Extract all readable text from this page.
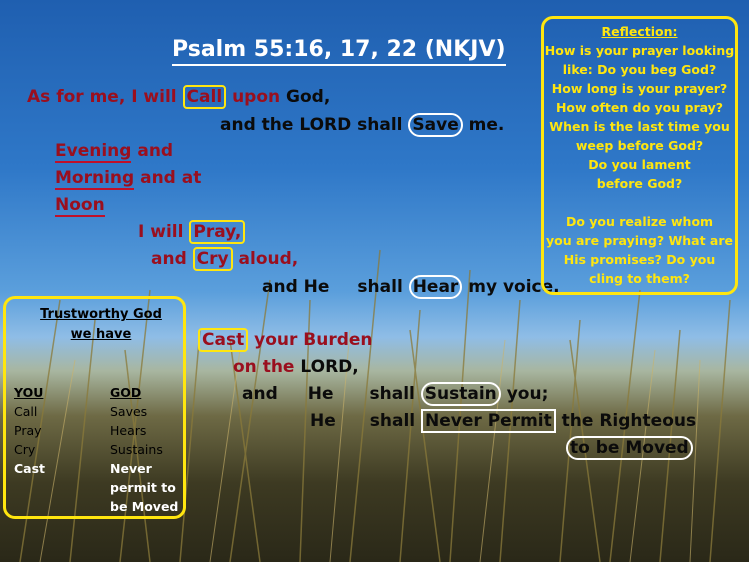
Psalm 55:16, 17, 22 (NKJV)
As for me, I will Call upon God,
and the LORD shall Save me.
Evening and
Morning and at
Noon
I will Pray,
and Cry aloud,
and He shall Hear my voice.
Cast your Burden
on the LORD,
and He shall Sustain you;
He shall Never Permit the Righteous
to be Moved
Reflection:
How is your prayer looking
like: Do you beg God?
How long is your prayer?
How often do you pray?
When is the last time you
weep before God?
Do you lament
before God?
Do you realize whom
you are praying? What are
His promises? Do you
cling to them?
Trustworthy God
we have
YOU
Call
Pray
Cry
Cast
GOD
Saves
Hears
Sustains
Never
permit to
be Moved
